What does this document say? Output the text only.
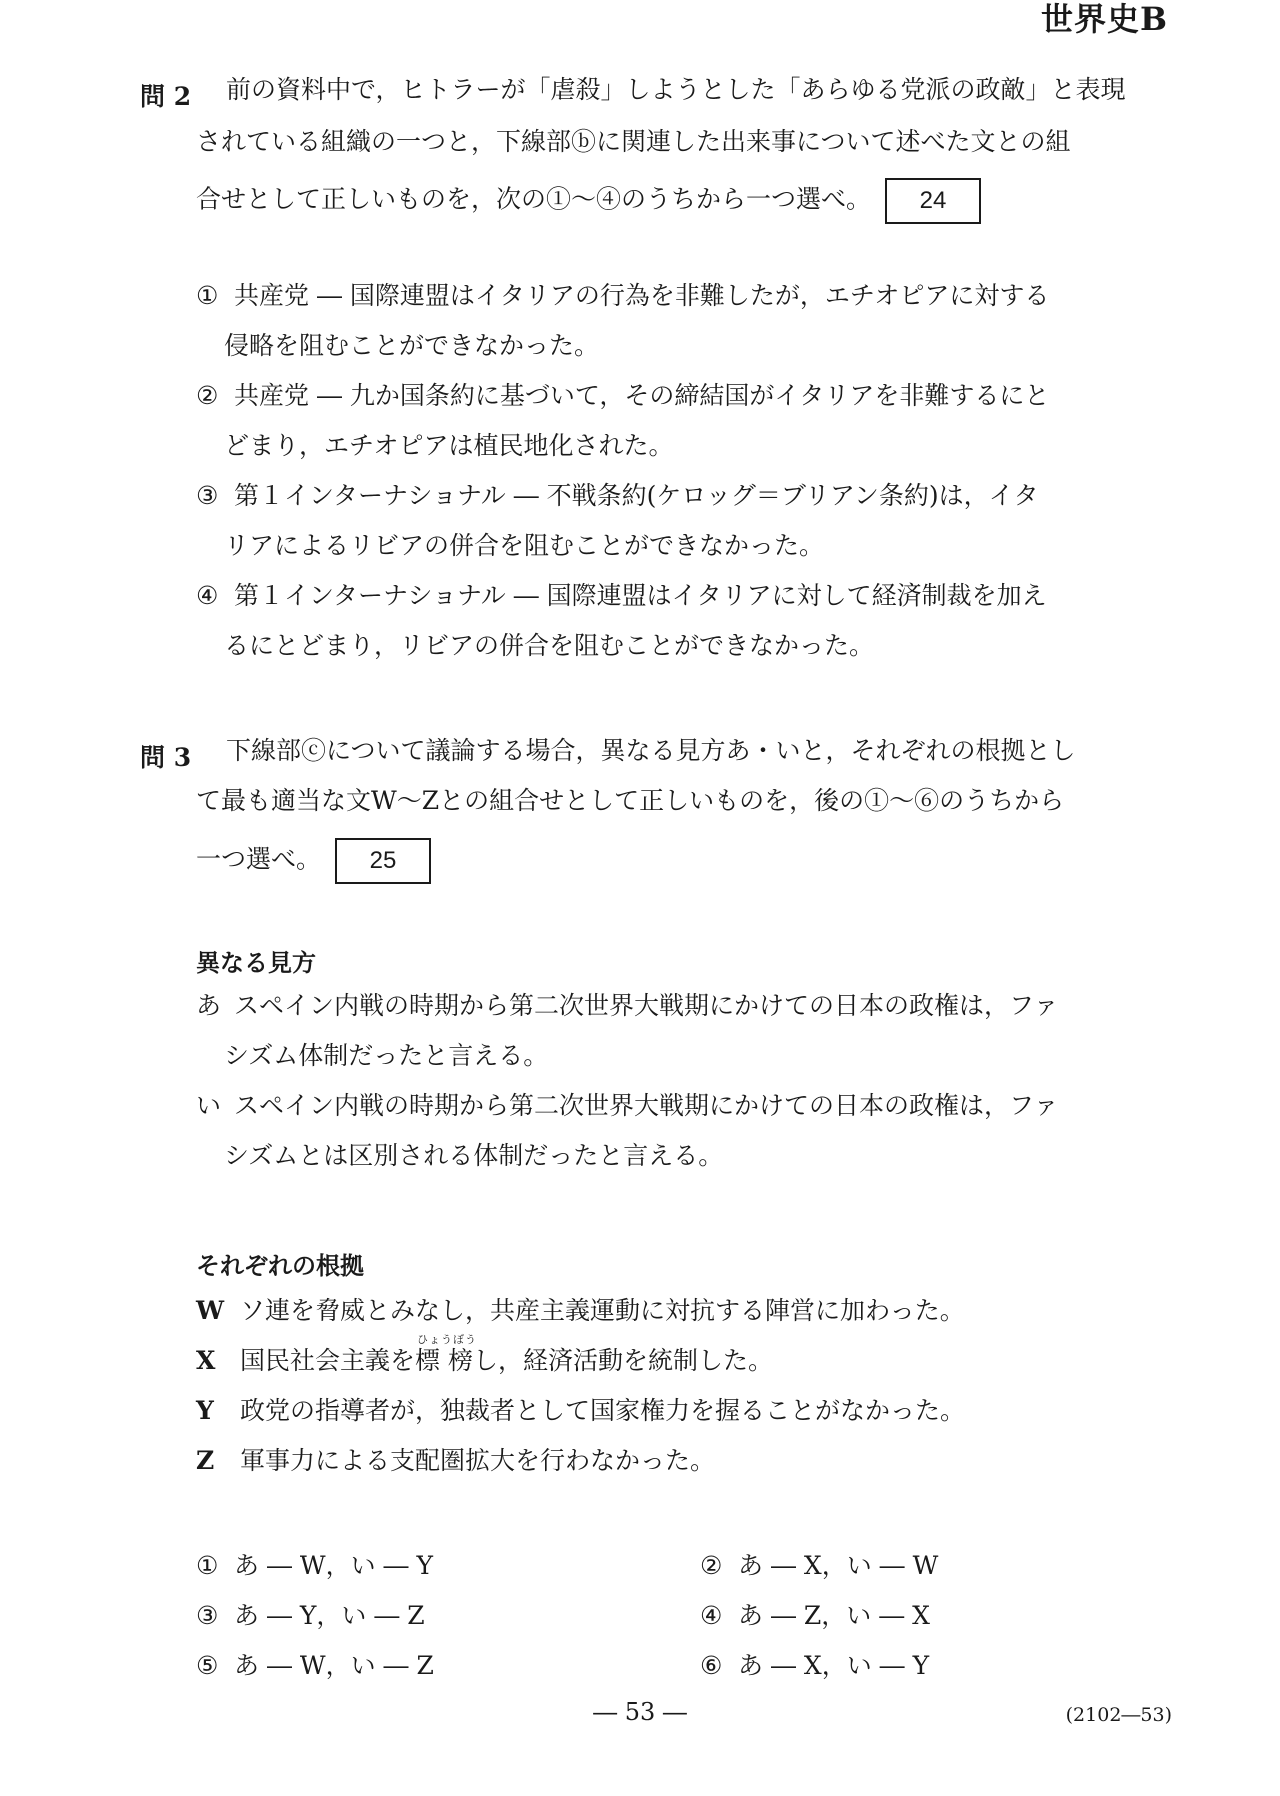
世界史B
問 2 前の資料中で，ヒトラーが「虐殺」しようとした「あらゆる党派の政敵」と表現
されている組織の一つと，下線部ⓑに関連した出来事について述べた文との組
合せとして正しいものを，次の①～④のうちから一つ選べ。 24
① 共産党 ― 国際連盟はイタリアの行為を非難したが，エチオピアに対する
侵略を阻むことができなかった。
② 共産党 ― 九か国条約に基づいて，その締結国がイタリアを非難するにと
どまり，エチオピアは植民地化された。
③ 第１インターナショナル ― 不戦条約(ケロッグ＝ブリアン条約)は，イタ
リアによるリビアの併合を阻むことができなかった。
④ 第１インターナショナル ― 国際連盟はイタリアに対して経済制裁を加え
るにとどまり，リビアの併合を阻むことができなかった。
問 3 下線部ⓒについて議論する場合，異なる見方あ・いと，それぞれの根拠とし
て最も適当な文W～Zとの組合せとして正しいものを，後の①～⑥のうちから
一つ選べ。 25
異なる見方
あ スペイン内戦の時期から第二次世界大戦期にかけての日本の政権は，ファ
シズム体制だったと言える。
い スペイン内戦の時期から第二次世界大戦期にかけての日本の政権は，ファ
シズムとは区別される体制だったと言える。
それぞれの根拠
W ソ連を脅威とみなし，共産主義運動に対抗する陣営に加わった。
X 国民社会主義を
ひょうぼう
標 榜し，経済活動を統制した。
Y 政党の指導者が，独裁者として国家権力を握ることがなかった。
Z 軍事力による支配圏拡大を行わなかった。
① あ ― W，い ― Y	② あ ― X，い ― W
③ あ ― Y，い ― Z	④ あ ― Z，い ― X
⑤ あ ― W，い ― Z	⑥ あ ― X，い ― Y
― 53 ―	(2102―53)
